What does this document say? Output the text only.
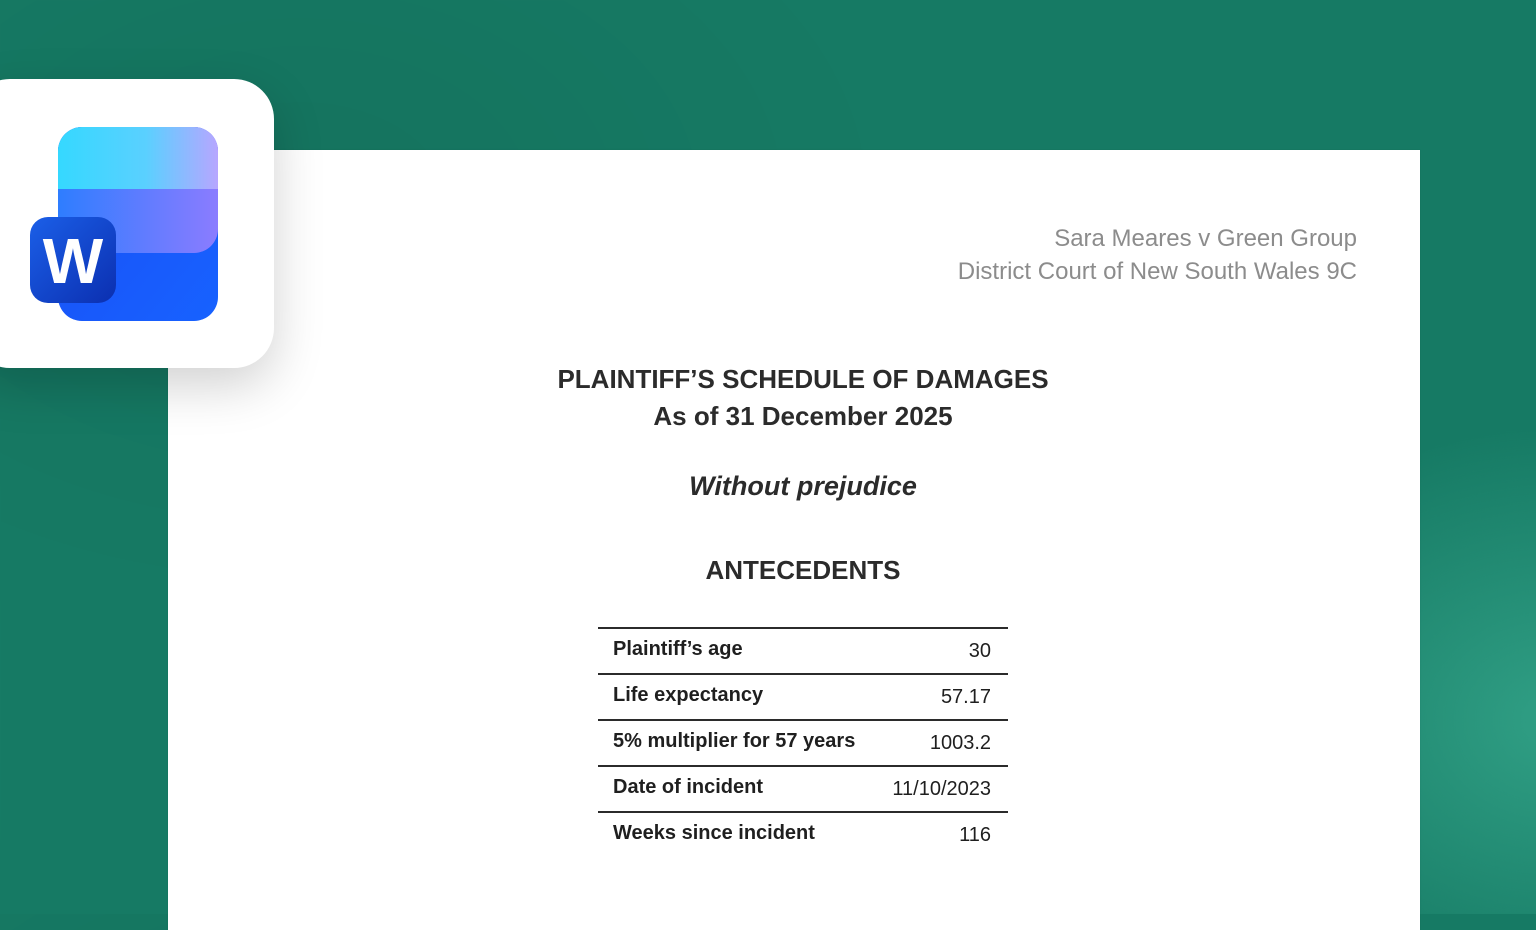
Sara Meares v Green Group
District Court of New South Wales 9C
PLAINTIFF’S SCHEDULE OF DAMAGES
As of 31 December 2025
Without prejudice
ANTECEDENTS
Plaintiff’s age	30
Life expectancy	57.17
5% multiplier for 57 years	1003.2
Date of incident	11/10/2023
Weeks since incident	116
W
